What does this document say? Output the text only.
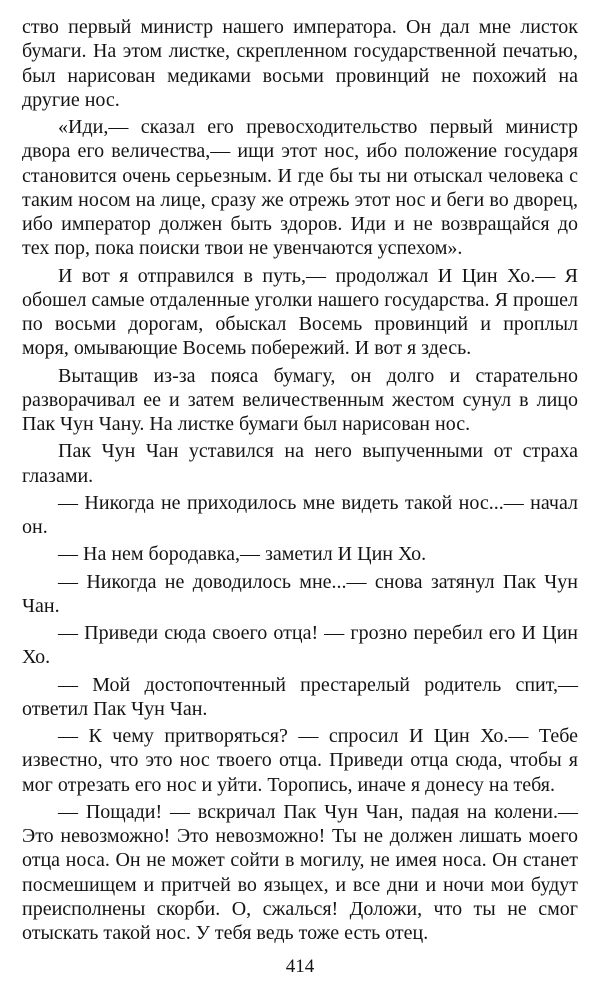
ство первый министр нашего императора. Он дал мне листок бумаги. На этом листке, скрепленном государственной печатью, был нарисован медиками восьми провинций не похожий на другие нос.

«Иди,— сказал его превосходительство первый министр двора его величества,— ищи этот нос, ибо положение государя становится очень серьезным. И где бы ты ни отыскал человека с таким носом на лице, сразу же отрежь этот нос и беги во дворец, ибо император должен быть здоров. Иди и не возвращайся до тех пор, пока поиски твои не увенчаются успехом».

И вот я отправился в путь,— продолжал И Цин Хо.— Я обошел самые отдаленные уголки нашего государства. Я прошел по восьми дорогам, обыскал Восемь провинций и проплыл моря, омывающие Восемь побережий. И вот я здесь.

Вытащив из-за пояса бумагу, он долго и старательно разворачивал ее и затем величественным жестом сунул в лицо Пак Чун Чану. На листке бумаги был нарисован нос.

Пак Чун Чан уставился на него выпученными от страха глазами.

— Никогда не приходилось мне видеть такой нос...— начал он.

— На нем бородавка,— заметил И Цин Хо.

— Никогда не доводилось мне...— снова затянул Пак Чун Чан.

— Приведи сюда своего отца! — грозно перебил его И Цин Хо.

— Мой достопочтенный престарелый родитель спит,— ответил Пак Чун Чан.

— К чему притворяться? — спросил И Цин Хо.— Тебе известно, что это нос твоего отца. Приведи отца сюда, чтобы я мог отрезать его нос и уйти. Торопись, иначе я донесу на тебя.

— Пощади! — вскричал Пак Чун Чан, падая на колени.— Это невозможно! Это невозможно! Ты не должен лишать моего отца носа. Он не может сойти в могилу, не имея носа. Он станет посмешищем и притчей во языцех, и все дни и ночи мои будут преисполнены скорби. О, сжалься! Доложи, что ты не смог отыскать такой нос. У тебя ведь тоже есть отец.

414
